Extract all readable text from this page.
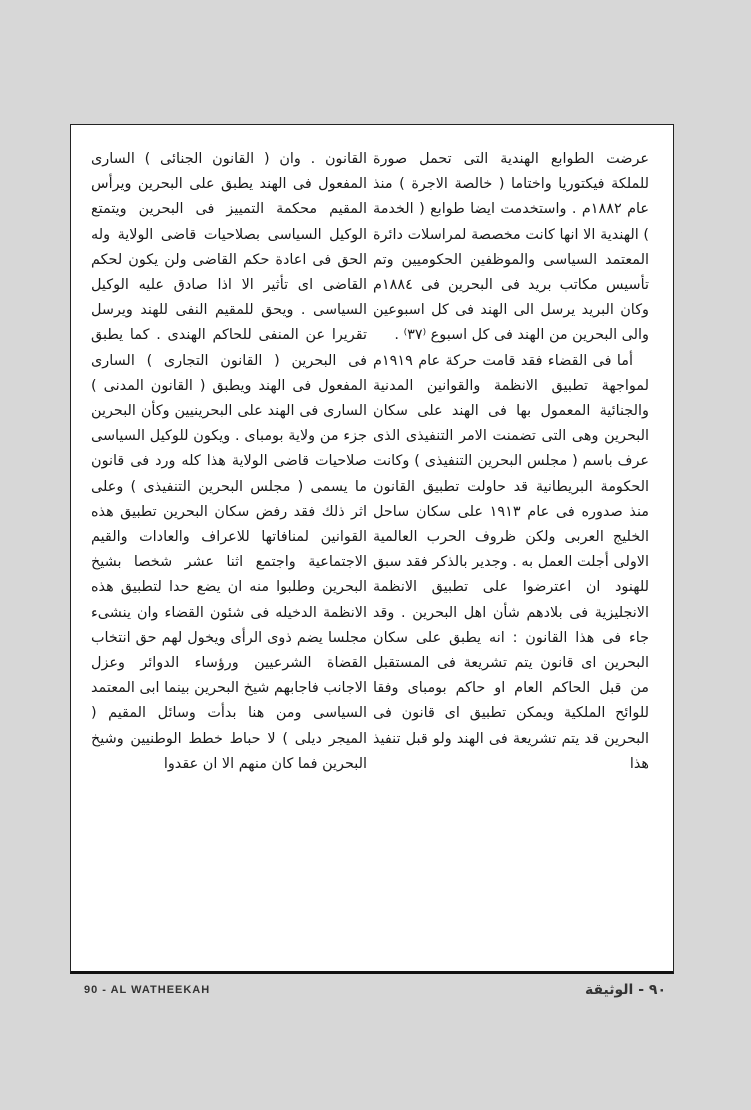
عرضت الطوابع الهندية التى تحمل صورة للملكة فيكتوريا واختاما ( خالصة الاجرة ) منذ عام ١٨٨٢م . واستخدمت ايضا طوابع ( الخدمة ) الهندية الا انها كانت مخصصة لمراسلات دائرة المعتمد السياسى والموظفين الحكوميين وتم تأسيس مكاتب بريد فى البحرين فى ١٨٨٤م وكان البريد يرسل الى الهند فى كل اسبوعين والى البحرين من الهند فى كل اسبوع ⁽٣٧⁾ .

أما فى القضاء فقد قامت حركة عام ١٩١٩م لمواجهة تطبيق الانظمة والقوانين المدنية والجنائية المعمول بها فى الهند على سكان البحرين وهى التى تضمنت الامر التنفيذى الذى عرف باسم ( مجلس البحرين التنفيذى ) وكانت الحكومة البريطانية قد حاولت تطبيق القانون منذ صدوره فى عام ١٩١٣ على سكان ساحل الخليج العربى ولكن ظروف الحرب العالمية الاولى أجلت العمل به . وجدير بالذكر فقد سبق للهنود ان اعترضوا على تطبيق الانظمة الانجليزية فى بلادهم شأن اهل البحرين . وقد جاء فى هذا القانون : انه يطبق على سكان البحرين اى قانون يتم تشريعة فى المستقبل من قبل الحاكم العام او حاكم بومباى وفقا للوائح الملكية ويمكن تطبيق اى قانون فى البحرين قد يتم تشريعة فى الهند ولو قبل تنفيذ هذا

القانون . وان ( القانون الجنائى ) السارى المفعول فى الهند يطبق على البحرين ويرأس المقيم محكمة التمييز فى البحرين ويتمتع الوكيل السياسى بصلاحيات قاضى الولاية وله الحق فى اعادة حكم القاضى ولن يكون لحكم القاضى اى تأثير الا اذا صادق عليه الوكيل السياسى . ويحق للمقيم النفى للهند ويرسل تقريرا عن المنفى للحاكم الهندى . كما يطبق فى البحرين ( القانون التجارى ) السارى المفعول فى الهند ويطبق ( القانون المدنى ) السارى فى الهند على البحرينيين وكأن البحرين جزء من ولاية بومباى . ويكون للوكيل السياسى صلاحيات قاضى الولاية هذا كله ورد فى قانون ما يسمى ( مجلس البحرين التنفيذى ) وعلى اثر ذلك فقد رفض سكان البحرين تطبيق هذه القوانين لمنافاتها للاعراف والعادات والقيم الاجتماعية واجتمع اثنا عشر شخصا بشيخ البحرين وطلبوا منه ان يضع حدا لتطبيق هذه الانظمة الدخيله فى شئون القضاء وان ينشىء مجلسا يضم ذوى الرأى ويخول لهم حق انتخاب القضاة الشرعيين ورؤساء الدوائر وعزل الاجانب فاجابهم شيخ البحرين بينما ابى المعتمد السياسى ومن هنا بدأت وسائل المقيم ( الميجر ديلى ) لا حباط خطط الوطنيين وشيخ البحرين فما كان منهم الا ان عقدوا

90 - AL WATHEEKAH	٩٠ - الوثيقة
